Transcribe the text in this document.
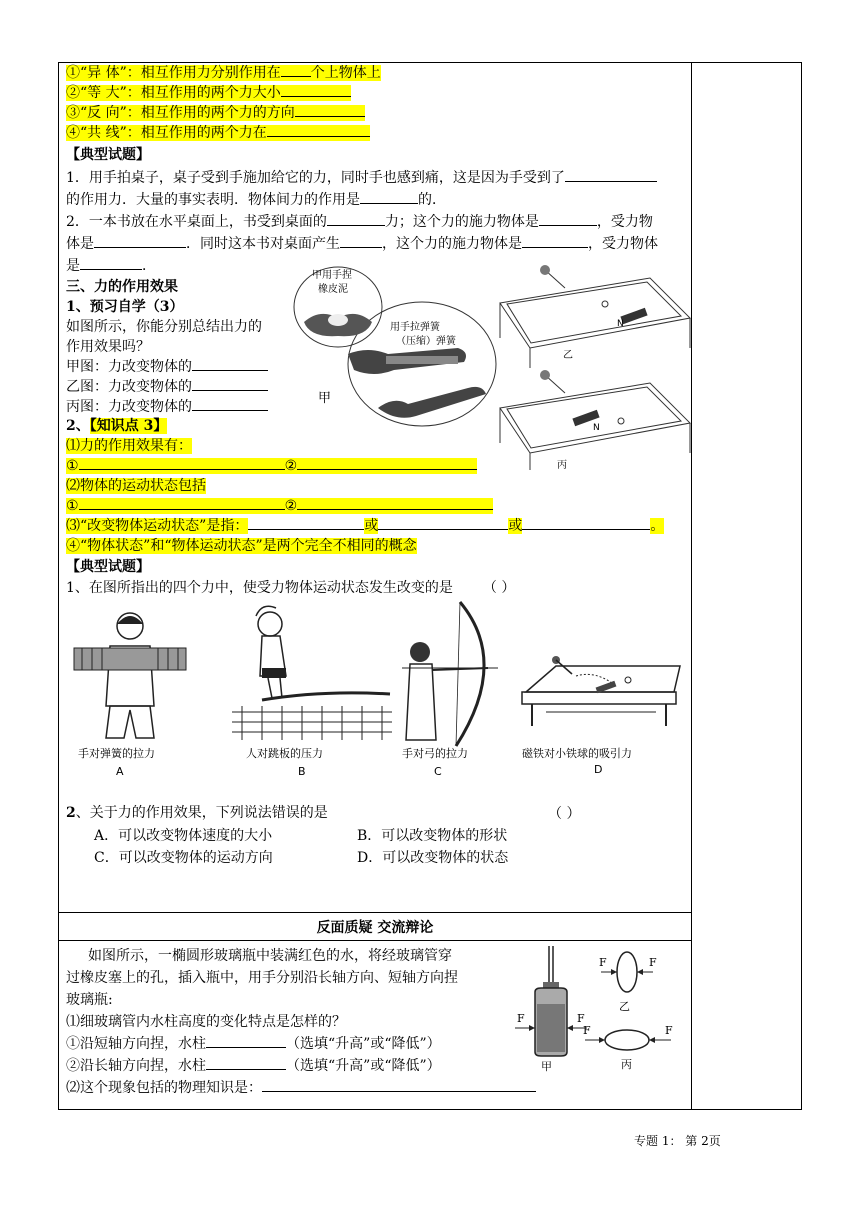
①“异 体”：相互作用力分别作用在 个上物体上
②“等 大”：相互作用的两个力大小
③“反 向”：相互作用的两个力的方向
④“共 线”：相互作用的两个力在
【典型试题】
1．用手拍桌子，桌子受到手施加给它的力，同时手也感到痛，这是因为手受到了
的作用力．大量的事实表明．物体间力的作用是	的．
2．一本书放在水平桌面上，书受到桌面的	力；这个力的施力物体是	，受力物
体是	．同时这本书对桌面产生	，这个力的施力物体是	，受力物体
是	．
三、力的作用效果
1、预习自学（3）
如图所示，你能分别总结出力的
作用效果吗？
甲图：力改变物体的
乙图：力改变物体的
丙图：力改变物体的
甲用手捏
橡皮泥
用手拉弹簧
（压缩）弹簧
甲
N
乙
N
丙
2、【知识点 3】
⑴力的作用效果有：
①	②
⑵物体的运动状态包括
①	②
⑶“改变物体运动状态”是指：	或	或	。
④“物体状态”和“物体运动状态”是两个完全不相同的概念
【典型试题】
1、在图所指出的四个力中，使受力物体运动状态发生改变的是 （ ）
手对弹簧的拉力
A
人对跳板的压力
B
手对弓的拉力
C
磁铁对小铁球的吸引力
D
2、关于力的作用效果，下列说法错误的是	（ ）
A．可以改变物体速度的大小	B．可以改变物体的形状
C．可以改变物体的运动方向	D．可以改变物体的状态
反面质疑 交流辩论
如图所示，一椭圆形玻璃瓶中装满红色的水，将经玻璃管穿
过橡皮塞上的孔，插入瓶中，用手分别沿长轴方向、短轴方向捏
玻璃瓶:
⑴细玻璃管内水柱高度的变化特点是怎样的？
①沿短轴方向捏，水柱	（选填“升高”或“降低”）
②沿长轴方向捏，水柱	（选填“升高”或“降低”）
⑵这个现象包括的物理知识是：
F	F
甲
F	F
乙
F	F
丙
专题 1： 第 2页
